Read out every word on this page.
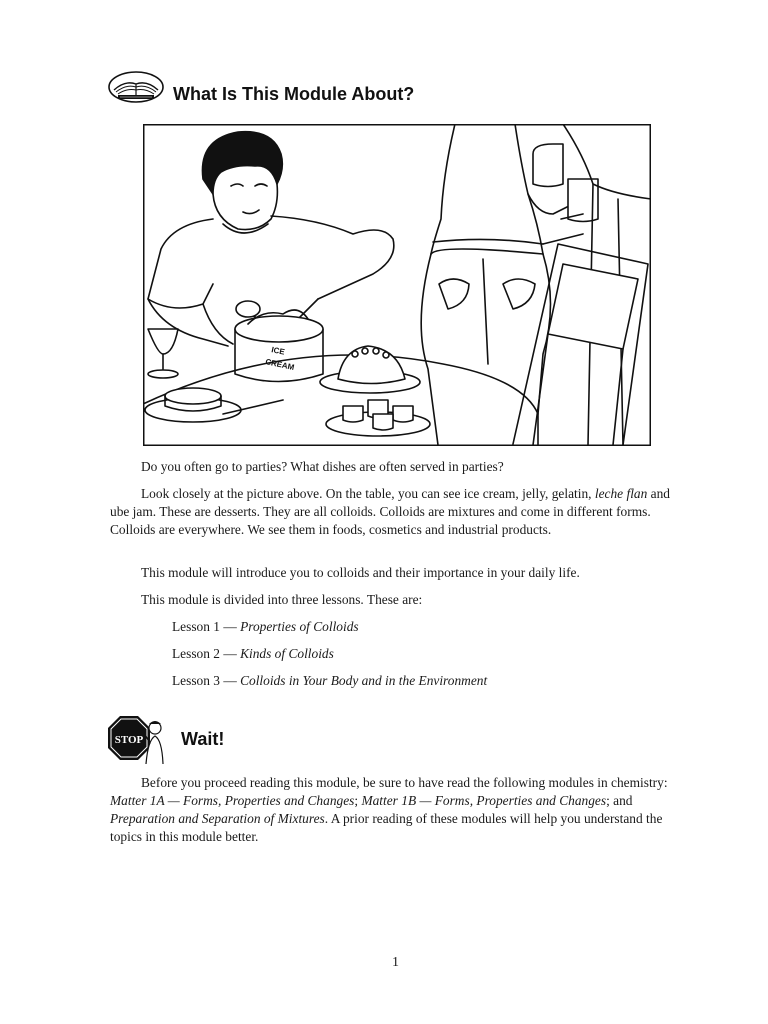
What Is This Module About?
ICE
CREAM

Do you often go to parties? What dishes are often served in parties?

Look closely at the picture above. On the table, you can see ice cream, jelly, gelatin, leche flan and ube jam. These are desserts. They are all colloids. Colloids are mixtures and come in different forms. Colloids are everywhere. We see them in foods, cosmetics and industrial products.

This module will introduce you to colloids and their importance in your daily life.

This module is divided into three lessons. These are:

Lesson 1 — Properties of Colloids
Lesson 2 — Kinds of Colloids
Lesson 3 — Colloids in Your Body and in the Environment
STOP Wait!

Before you proceed reading this module, be sure to have read the following modules in chemistry: Matter 1A — Forms, Properties and Changes; Matter 1B — Forms, Properties and Changes; and Preparation and Separation of Mixtures. A prior reading of these modules will help you understand the topics in this module better.

1
